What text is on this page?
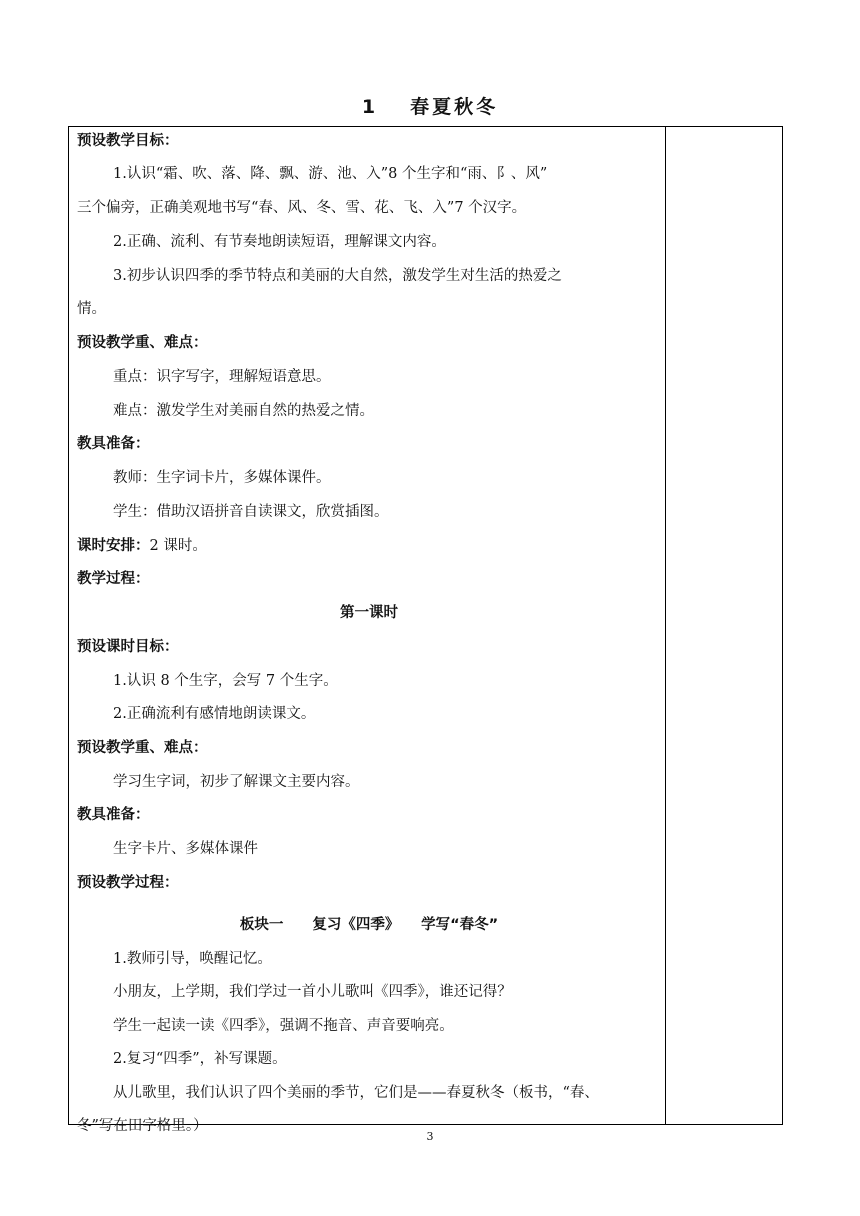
1 春夏秋冬
预设教学目标：
1.认识“霜、吹、落、降、飘、游、池、入”8 个生字和“雨、阝、风”
三个偏旁，正确美观地书写“春、风、冬、雪、花、飞、入”7 个汉字。
2.正确、流利、有节奏地朗读短语，理解课文内容。
3.初步认识四季的季节特点和美丽的大自然，激发学生对生活的热爱之
情。
预设教学重、难点：
重点：识字写字，理解短语意思。
难点：激发学生对美丽自然的热爱之情。
教具准备：
教师：生字词卡片，多媒体课件。
学生：借助汉语拼音自读课文，欣赏插图。
课时安排：2 课时。
教学过程：
第一课时
预设课时目标：
1.认识 8 个生字，会写 7 个生字。
2.正确流利有感情地朗读课文。
预设教学重、难点：
学习生字词，初步了解课文主要内容。
教具准备：
生字卡片、多媒体课件
预设教学过程：
板块一　　复习《四季》　　学写“春冬”
1.教师引导，唤醒记忆。
小朋友，上学期，我们学过一首小儿歌叫《四季》，谁还记得？
学生一起读一读《四季》，强调不拖音、声音要响亮。
2.复习“四季”，补写课题。
从儿歌里，我们认识了四个美丽的季节，它们是——春夏秋冬（板书，“春、
冬”写在田字格里。）
3
